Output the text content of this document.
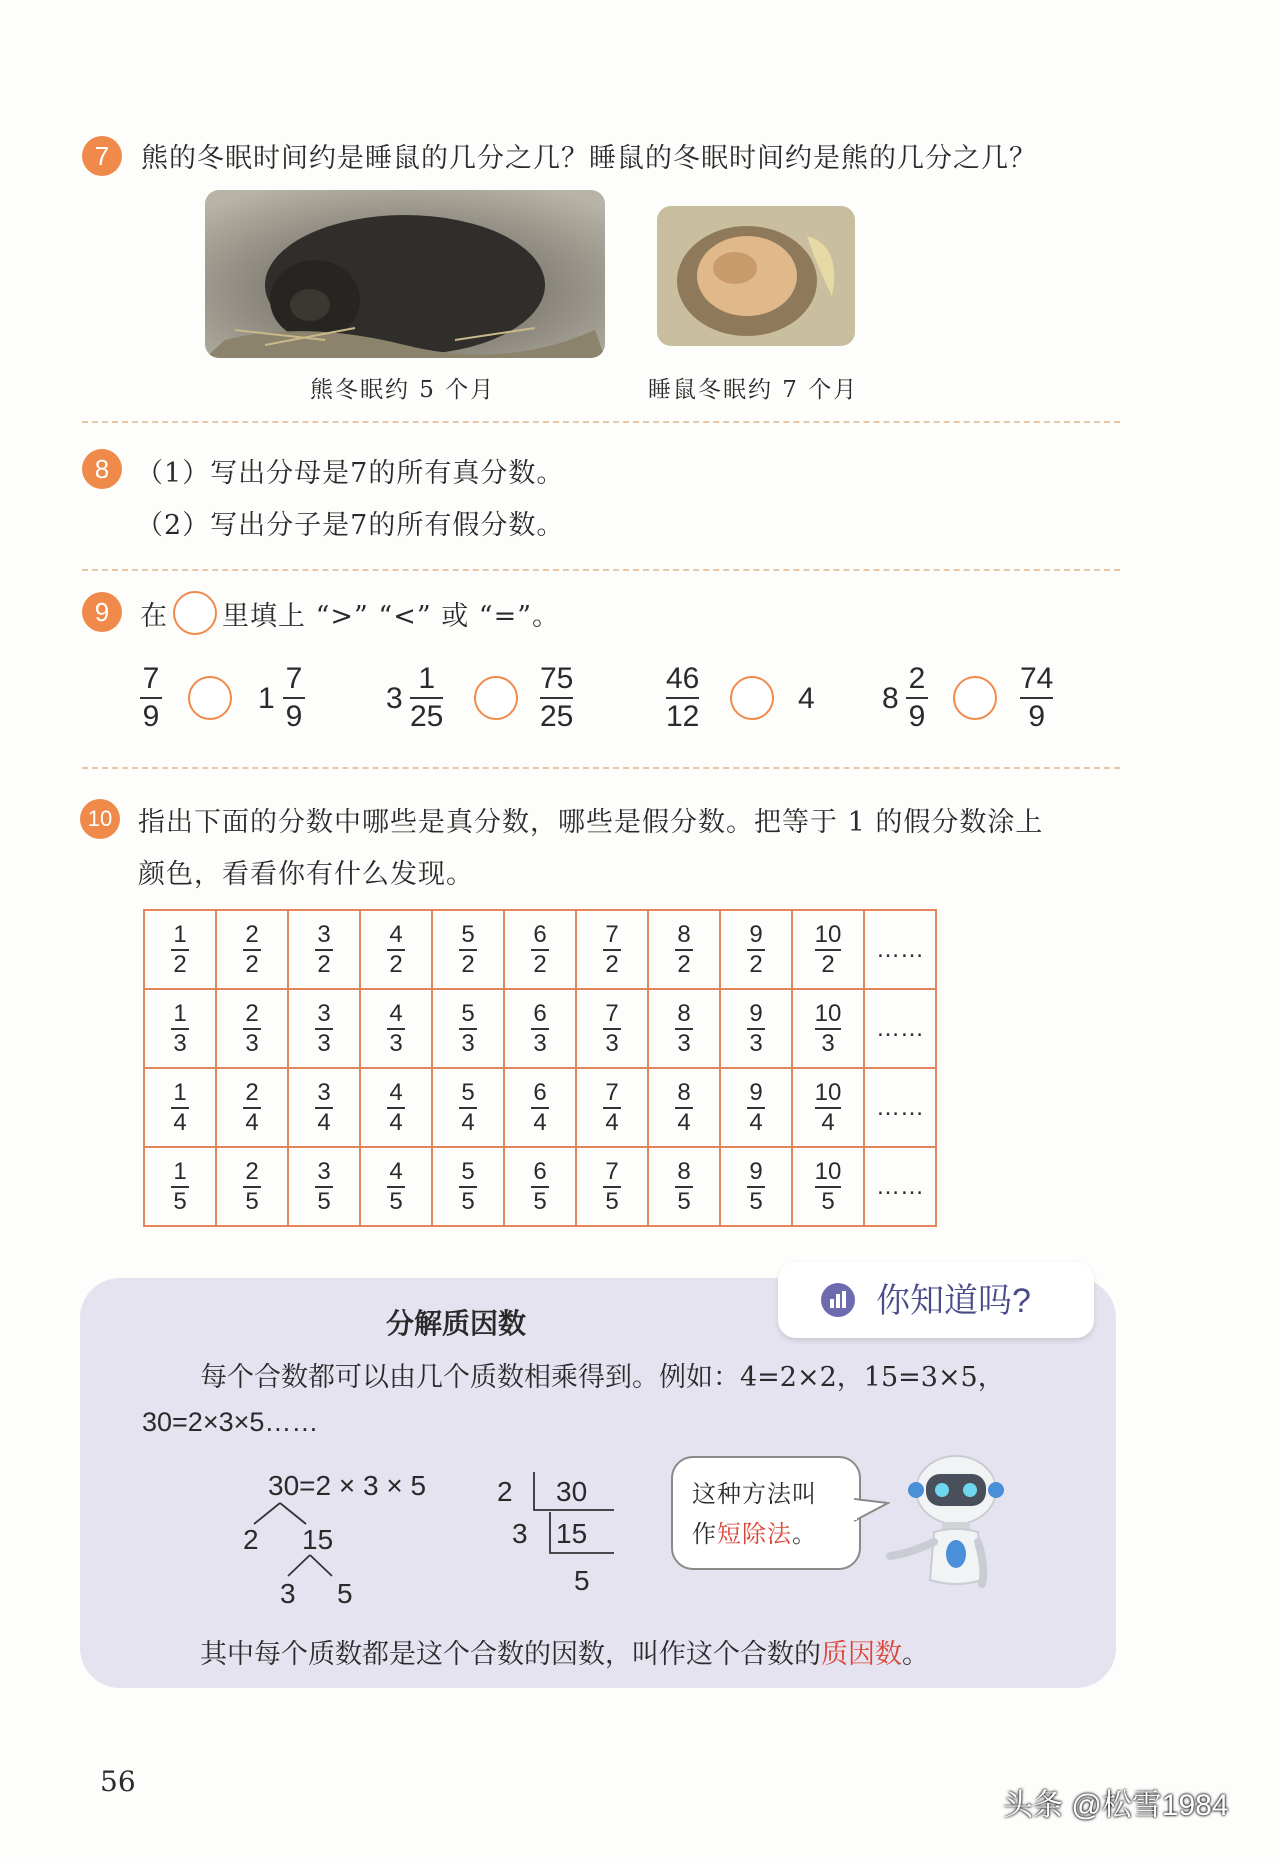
7	熊的冬眠时间约是睡鼠的几分之几？睡鼠的冬眠时间约是熊的几分之几？
熊冬眠约 5 个月	睡鼠冬眠约 7 个月
8 （1）写出分母是7的所有真分数。
（2）写出分子是7的所有假分数。
9	在 里填上 “>” “<” 或 “=”。
7
9
1
7
9
3
1
25
75
25
46
12
4 8
2
9
74
9
10 指出下面的分数中哪些是真分数，哪些是假分数。把等于 1 的假分数涂上
颜色，看看你有什么发现。
$\frac{1}{2}$	$\frac{2}{2}$	$\frac{3}{2}$	$\frac{4}{2}$	$\frac{5}{2}$	$\frac{6}{2}$	$\frac{7}{2}$	$\frac{8}{2}$	$\frac{9}{2}$	$\frac{10}{2}$	……

$\frac{1}{3}$	$\frac{2}{3}$	$\frac{3}{3}$	$\frac{4}{3}$	$\frac{5}{3}$	$\frac{6}{3}$	$\frac{7}{3}$	$\frac{8}{3}$	$\frac{9}{3}$	$\frac{10}{3}$	……

$\frac{1}{4}$	$\frac{2}{4}$	$\frac{3}{4}$	$\frac{4}{4}$	$\frac{5}{4}$	$\frac{6}{4}$	$\frac{7}{4}$	$\frac{8}{4}$	$\frac{9}{4}$	$\frac{10}{4}$	……

$\frac{1}{5}$	$\frac{2}{5}$	$\frac{3}{5}$	$\frac{4}{5}$	$\frac{5}{5}$	$\frac{6}{5}$	$\frac{7}{5}$	$\frac{8}{5}$	$\frac{9}{5}$	$\frac{10}{5}$	……
你知道吗?
分解质因数
每个合数都可以由几个质数相乘得到。例如：4=2×2，15=3×5，
30=2×3×5……
30=2 × 3 × 5
2 15
3 5
2 30
3 15
5
这种方法叫
作短除法。
其中每个质数都是这个合数的因数，叫作这个合数的质因数。
56
头条 @松雪1984
